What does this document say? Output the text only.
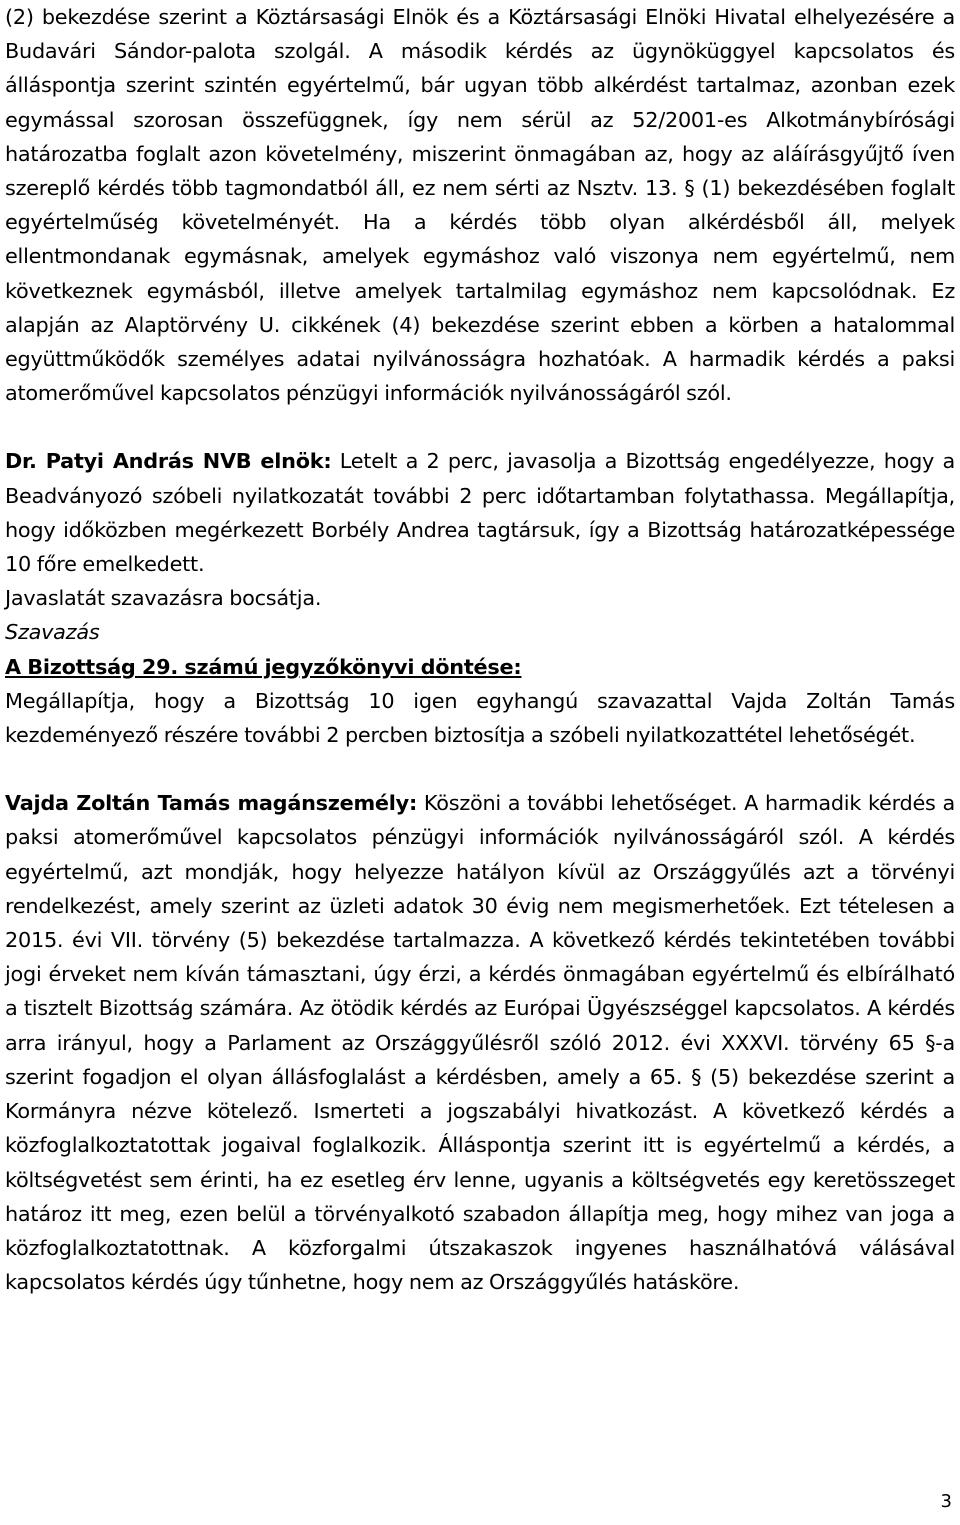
(2) bekezdése szerint a Köztársasági Elnök és a Köztársasági Elnöki Hivatal elhelyezésére a Budavári Sándor-palota szolgál. A második kérdés az ügynöküggyel kapcsolatos és álláspontja szerint szintén egyértelmű, bár ugyan több alkérdést tartalmaz, azonban ezek egymással szorosan összefüggnek, így nem sérül az 52/2001-es Alkotmánybírósági határozatba foglalt azon követelmény, miszerint önmagában az, hogy az aláírásgyűjtő íven szereplő kérdés több tagmondatból áll, ez nem sérti az Nsztv. 13. § (1) bekezdésében foglalt egyértelműség követelményét. Ha a kérdés több olyan alkérdésből áll, melyek ellentmondanak egymásnak, amelyek egymáshoz való viszonya nem egyértelmű, nem következnek egymásból, illetve amelyek tartalmilag egymáshoz nem kapcsolódnak. Ez alapján az Alaptörvény U. cikkének (4) bekezdése szerint ebben a körben a hatalommal együttműködők személyes adatai nyilvánosságra hozhatóak. A harmadik kérdés a paksi atomerőművel kapcsolatos pénzügyi információk nyilvánosságáról szól.

Dr. Patyi András NVB elnök: Letelt a 2 perc, javasolja a Bizottság engedélyezze, hogy a Beadványozó szóbeli nyilatkozatát további 2 perc időtartamban folytathassa. Megállapítja, hogy időközben megérkezett Borbély Andrea tagtársuk, így a Bizottság határozatképessége 10 főre emelkedett.

Javaslatát szavazásra bocsátja.

Szavazás

A Bizottság 29. számú jegyzőkönyvi döntése:

Megállapítja, hogy a Bizottság 10 igen egyhangú szavazattal Vajda Zoltán Tamás kezdeményező részére további 2 percben biztosítja a szóbeli nyilatkozattétel lehetőségét.

Vajda Zoltán Tamás magánszemély: Köszöni a további lehetőséget. A harmadik kérdés a paksi atomerőművel kapcsolatos pénzügyi információk nyilvánosságáról szól. A kérdés egyértelmű, azt mondják, hogy helyezze hatályon kívül az Országgyűlés azt a törvényi rendelkezést, amely szerint az üzleti adatok 30 évig nem megismerhetőek. Ezt tételesen a 2015. évi VII. törvény (5) bekezdése tartalmazza. A következő kérdés tekintetében további jogi érveket nem kíván támasztani, úgy érzi, a kérdés önmagában egyértelmű és elbírálható a tisztelt Bizottság számára. Az ötödik kérdés az Európai Ügyészséggel kapcsolatos. A kérdés arra irányul, hogy a Parlament az Országgyűlésről szóló 2012. évi XXXVI. törvény 65 §-a szerint fogadjon el olyan állásfoglalást a kérdésben, amely a 65. § (5) bekezdése szerint a Kormányra nézve kötelező. Ismerteti a jogszabályi hivatkozást. A következő kérdés a közfoglalkoztatottak jogaival foglalkozik. Álláspontja szerint itt is egyértelmű a kérdés, a költségvetést sem érinti, ha ez esetleg érv lenne, ugyanis a költségvetés egy keretösszeget határoz itt meg, ezen belül a törvényalkotó szabadon állapítja meg, hogy mihez van joga a közfoglalkoztatottnak. A közforgalmi útszakaszok ingyenes használhatóvá válásával kapcsolatos kérdés úgy tűnhetne, hogy nem az Országgyűlés hatásköre.

3
